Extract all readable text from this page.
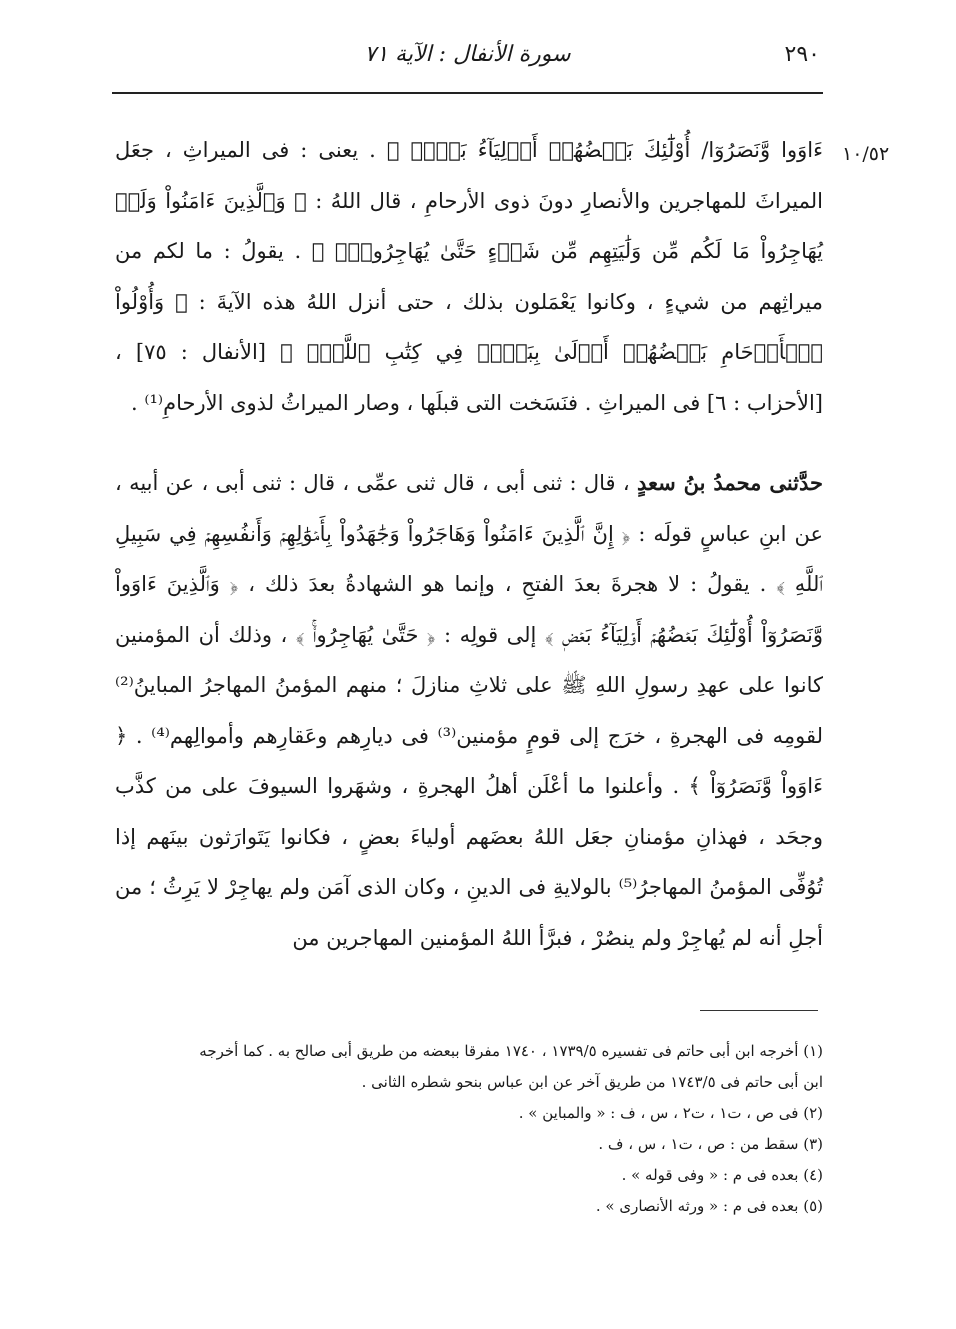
سورة الأنفال : الآية ٧١	٢٩٠
١٠/٥٢
ءَاوَوا وَّنَصَرُوٓا/ أُوْلَٰٓئِكَ بَعۡضُهُمۡ أَوۡلِيَآءُ بَعۡضٖ ﴾ . يعنى : فى الميراثِ ، جعَل الميراثَ للمهاجرين والأنصارِ دونَ ذوى الأرحامِ ، قال اللهُ : ﴿ وَٱلَّذِينَ ءَامَنُواْ وَلَمۡ يُهَاجِرُواْ مَا لَكُم مِّن وَلَٰيَتِهِم مِّن شَيۡءٍ حَتَّىٰ يُهَاجِرُواْۚ ﴾ . يقولُ : ما لكم من ميراثِهم من شيءٍ ، وكانوا يَعْمَلون بذلك ، حتى أنزل اللهُ هذه الآيةَ : ﴿ وَأُوْلُواْ ٱلۡأَرۡحَامِ بَعۡضُهُمۡ أَوۡلَىٰ بِبَعۡضٖ فِي كِتَٰبِ ٱللَّهِۚ ﴾ [الأنفال : ٧٥] ، [الأحزاب : ٦] فى الميراثِ . فنَسَخت التى قبلَها ، وصار الميراثُ لذوى الأرحامِ⁽¹⁾ .
حدَّثنى محمدُ بنُ سعدٍ ، قال : ثنى أبى ، قال ثنى عمِّى ، قال : ثنى أبى ، عن أبيه ، عن ابنِ عباسٍ قولَه : ﴿ إِنَّ ٱلَّذِينَ ءَامَنُواْ وَهَاجَرُواْ وَجَٰهَدُواْ بِأَمۡوَٰلِهِمۡ وَأَنفُسِهِمۡ فِي سَبِيلِ ٱللَّهِ ﴾ . يقولُ : لا هجرةَ بعدَ الفتحِ ، وإنما هو الشهادةُ بعدَ ذلك ، ﴿ وَٱلَّذِينَ ءَاوَواْ وَّنَصَرُوٓاْ أُوْلَٰٓئِكَ بَعۡضُهُمۡ أَوۡلِيَآءُ بَعۡضٖ ﴾ إلى قولِه : ﴿ حَتَّىٰ يُهَاجِرُواْۚ ﴾ ، وذلك أن المؤمنين كانوا على عهدِ رسولِ اللهِ ﷺ على ثلاثِ منازلَ ؛ منهم المؤمنُ المهاجرُ المباينُ⁽²⁾ لقومِه فى الهجرةِ ، خرَج إلى قومٍ مؤمنين⁽³⁾ فى ديارِهم وعَقارِهم وأموالِهم⁽⁴⁾ . ﴿ ءَاوَواْ وَّنَصَرُوٓاْ ﴾ . وأعلنوا ما أعْلَن أهلُ الهجرةِ ، وشهَروا السيوفَ على من كذَّب وجحَد ، فهذانِ مؤمنانِ جعَل اللهُ بعضَهم أولياءَ بعضٍ ، فكانوا يَتَوارَثون بينَهم إذا تُوُفِّى المؤمنُ المهاجرُ⁽⁵⁾ بالولايةِ فى الدينِ ، وكان الذى آمَن ولم يهاجِرْ لا يَرِثُ ؛ من أجلِ أنه لم يُهاجِرْ ولم ينصُرْ ، فبرَّأ اللهُ المؤمنين المهاجرين من
(١) أخرجه ابن أبى حاتم فى تفسيره ١٧٣٩/٥ ، ١٧٤٠ مفرقا ببعضه من طريق أبى صالح به . كما أخرجه
ابن أبى حاتم فى ١٧٤٣/٥ من طريق آخر عن ابن عباس بنحو شطره الثانى .
(٢) فى ص ، ت١ ، ت٢ ، س ، ف : « والمباين » .
(٣) سقط من : ص ، ت١ ، س ، ف .
(٤) بعده فى م : « وفى قوله » .
(٥) بعده فى م : « ورثه الأنصارى » .
